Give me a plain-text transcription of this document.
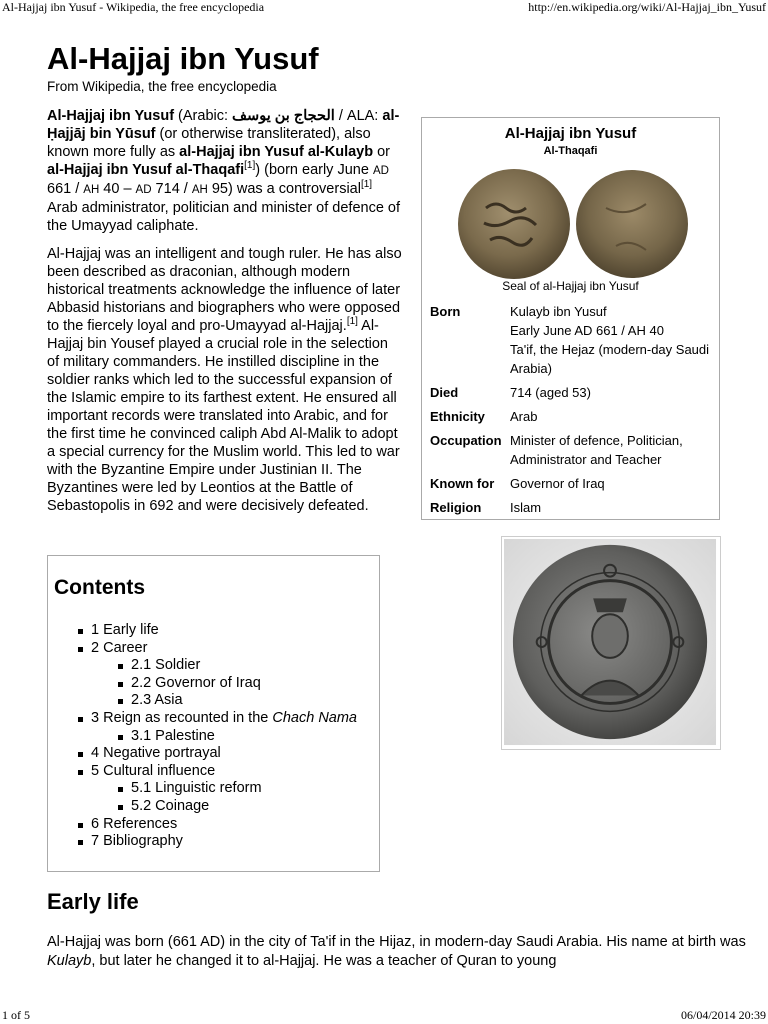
Al-Hajjaj ibn Yusuf - Wikipedia, the free encyclopedia	http://en.wikipedia.org/wiki/Al-Hajjaj_ibn_Yusuf
Al-Hajjaj ibn Yusuf
From Wikipedia, the free encyclopedia

Al-Hajjaj ibn Yusuf (Arabic: الحجاج بن يوسف / ALA: al-Ḥajjāj bin Yūsuf (or otherwise transliterated), also known more fully as al-Hajjaj ibn Yusuf al-Kulayb or al-Hajjaj ibn Yusuf al-Thaqafi[1]) (born early June AD 661 / AH 40 – AD 714 / AH 95) was a controversial[1] Arab administrator, politician and minister of defence of the Umayyad caliphate.

Al-Hajjaj was an intelligent and tough ruler. He has also been described as draconian, although modern historical treatments acknowledge the influence of later Abbasid historians and biographers who were opposed to the fiercely loyal and pro-Umayyad al-Hajjaj.[1] Al-Hajjaj bin Yousef played a crucial role in the selection of military commanders. He instilled discipline in the soldier ranks which led to the successful expansion of the Islamic empire to its farthest extent. He ensured all important records were translated into Arabic, and for the first time he convinced caliph Abd Al-Malik to adopt a special currency for the Muslim world. This led to war with the Byzantine Empire under Justinian II. The Byzantines were led by Leontios at the Battle of Sebastopolis in 692 and were decisively defeated.

Al-Hajjaj ibn Yusuf
Al-Thaqafi
Seal of al-Hajjaj ibn Yusuf
Born	Kulayb ibn Yusuf
Early June AD 661 / AH 40
Ta'if, the Hejaz (modern-day Saudi Arabia)
Died	714 (aged 53)
Ethnicity	Arab
Occupation	Minister of defence, Politician, Administrator and Teacher
Known for	Governor of Iraq
Religion	Islam
Contents
1 Early life
2 Career
2.1 Soldier
2.2 Governor of Iraq
2.3 Asia
3 Reign as recounted in the Chach Nama
3.1 Palestine
4 Negative portrayal
5 Cultural influence
5.1 Linguistic reform
5.2 Coinage
6 References
7 Bibliography
Early life
Al-Hajjaj was born (661 AD) in the city of Ta'if in the Hijaz, in modern-day Saudi Arabia. His name at birth was Kulayb, but later he changed it to al-Hajjaj. He was a teacher of Quran to young
1 of 5	06/04/2014 20:39
